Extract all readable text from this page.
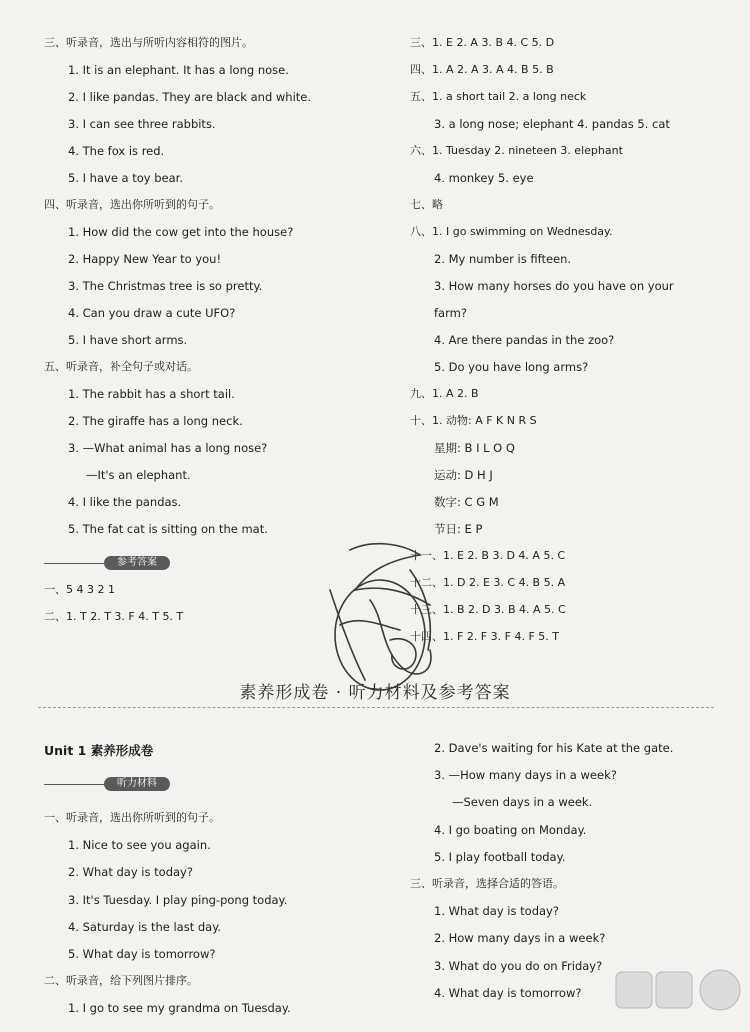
三、听录音，选出与所听内容相符的图片。
1. It is an elephant. It has a long nose.
2. I like pandas. They are black and white.
3. I can see three rabbits.
4. The fox is red.
5. I have a toy bear.
四、听录音，选出你所听到的句子。
1. How did the cow get into the house?
2. Happy New Year to you!
3. The Christmas tree is so pretty.
4. Can you draw a cute UFO?
5. I have short arms.
五、听录音，补全句子或对话。
1. The rabbit has a short tail.
2. The giraffe has a long neck.
3. —What animal has a long nose?
—It's an elephant.
4. I like the pandas.
5. The fat cat is sitting on the mat.
参考答案
一、5 4 3 2 1
二、1. T 2. T 3. F 4. T 5. T
三、1. E 2. A 3. B 4. C 5. D
四、1. A 2. A 3. A 4. B 5. B
五、1. a short tail 2. a long neck
3. a long nose; elephant 4. pandas 5. cat
六、1. Tuesday 2. nineteen 3. elephant
4. monkey 5. eye
七、略
八、1. I go swimming on Wednesday.
2. My number is fifteen.
3. How many horses do you have on your
farm?
4. Are there pandas in the zoo?
5. Do you have long arms?
九、1. A 2. B
十、1. 动物: A F K N R S
星期: B I L O Q
运动: D H J
数字: C G M
节日: E P
十一、1. E 2. B 3. D 4. A 5. C
十二、1. D 2. E 3. C 4. B 5. A
十三、1. B 2. D 3. B 4. A 5. C
十四、1. F 2. F 3. F 4. F 5. T
素养形成卷 · 听力材料及参考答案
Unit 1 素养形成卷
听力材料
一、听录音，选出你所听到的句子。
1. Nice to see you again.
2. What day is today?
3. It's Tuesday. I play ping-pong today.
4. Saturday is the last day.
5. What day is tomorrow?
二、听录音，给下列图片排序。
1. I go to see my grandma on Tuesday.
2. Dave's waiting for his Kate at the gate.
3. —How many days in a week?
—Seven days in a week.
4. I go boating on Monday.
5. I play football today.
三、听录音，选择合适的答语。
1. What day is today?
2. How many days in a week?
3. What do you do on Friday?
4. What day is tomorrow?
